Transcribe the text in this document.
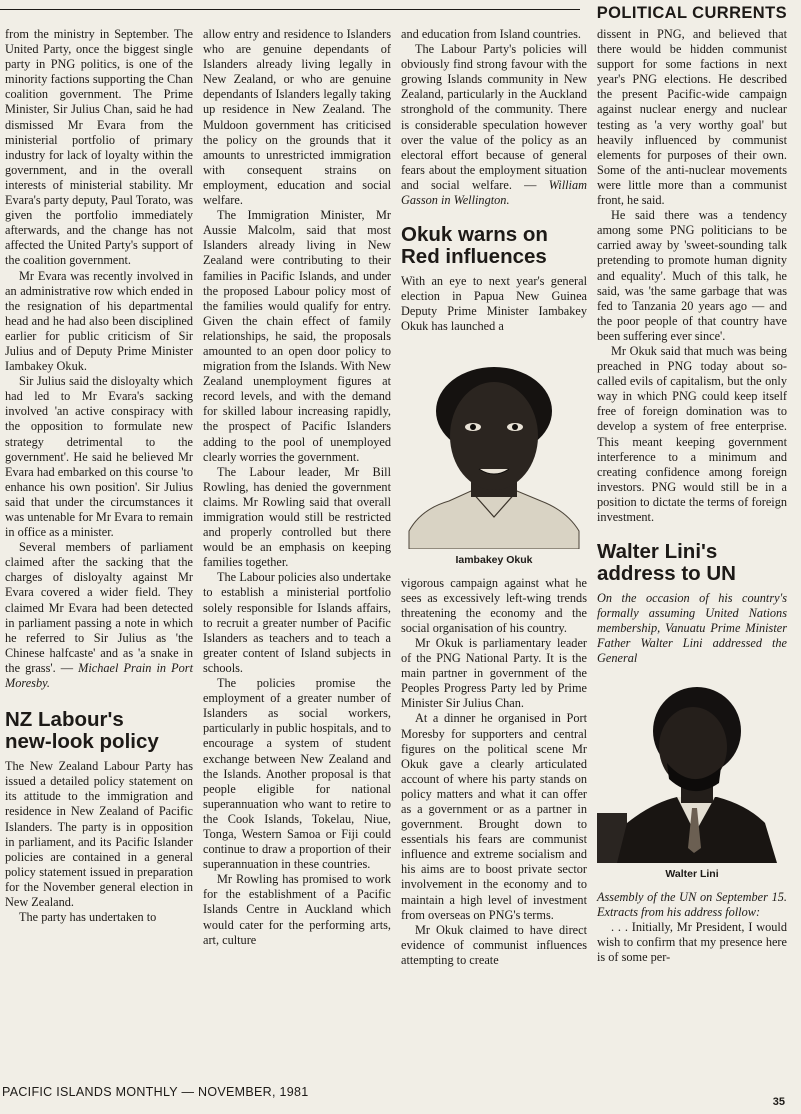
POLITICAL CURRENTS

from the ministry in September. The United Party, once the biggest single party in PNG politics, is one of the minority factions supporting the Chan coalition government. The Prime Minister, Sir Julius Chan, said he had dismissed Mr Evara from the ministerial portfolio of primary industry for lack of loyalty within the government, and in the overall interests of ministerial stability. Mr Evara's party deputy, Paul Torato, was given the portfolio immediately afterwards, and the change has not affected the United Party's support of the coalition government.

Mr Evara was recently involved in an administrative row which ended in the resignation of his departmental head and he had also been disciplined earlier for public criticism of Sir Julius and of Deputy Prime Minister Iambakey Okuk.

Sir Julius said the disloyalty which had led to Mr Evara's sacking involved 'an active conspiracy with the opposition to formulate new strategy detrimental to the government'. He said he believed Mr Evara had embarked on this course 'to enhance his own position'. Sir Julius said that under the circumstances it was untenable for Mr Evara to remain in office as a minister.

Several members of parliament claimed after the sacking that the charges of disloyalty against Mr Evara covered a wider field. They claimed Mr Evara had been detected in parliament passing a note in which he referred to Sir Julius as 'the Chinese halfcaste' and as 'a snake in the grass'. — Michael Prain in Port Moresby.

NZ Labour's
new-look policy

The New Zealand Labour Party has issued a detailed policy statement on its attitude to the immigration and residence in New Zealand of Pacific Islanders. The party is in opposition in parliament, and its Pacific Islander policies are contained in a general policy statement issued in preparation for the November general election in New Zealand.

The party has undertaken to

allow entry and residence to Islanders who are genuine dependants of Islanders already living legally in New Zealand, or who are genuine dependants of Islanders legally taking up residence in New Zealand. The Muldoon government has criticised the policy on the grounds that it amounts to unrestricted immigration with consequent strains on employment, education and social welfare.

The Immigration Minister, Mr Aussie Malcolm, said that most Islanders already living in New Zealand were contributing to their families in Pacific Islands, and under the proposed Labour policy most of the families would qualify for entry. Given the chain effect of family relationships, he said, the proposals amounted to an open door policy to migration from the Islands. With New Zealand unemployment figures at record levels, and with the demand for skilled labour increasing rapidly, the prospect of Pacific Islanders adding to the pool of unemployed clearly worries the government.

The Labour leader, Mr Bill Rowling, has denied the government claims. Mr Rowling said that overall immigration would still be restricted and properly controlled but there would be an emphasis on keeping families together.

The Labour policies also undertake to establish a ministerial portfolio solely responsible for Islands affairs, to recruit a greater number of Pacific Islanders as teachers and to teach a greater content of Island subjects in schools.

The policies promise the employment of a greater number of Islanders as social workers, particularly in public hospitals, and to encourage a system of student exchange between New Zealand and the Islands. Another proposal is that people eligible for national superannuation who want to retire to the Cook Islands, Tokelau, Niue, Tonga, Western Samoa or Fiji could continue to draw a proportion of their superannuation in these countries.

Mr Rowling has promised to work for the establishment of a Pacific Islands Centre in Auckland which would cater for the performing arts, art, culture

and education from Island countries.

The Labour Party's policies will obviously find strong favour with the growing Islands community in New Zealand, particularly in the Auckland stronghold of the community. There is considerable speculation however over the value of the policy as an electoral effort because of general fears about the employment situation and social welfare. — William Gasson in Wellington.

Okuk warns on
Red influences

With an eye to next year's general election in Papua New Guinea Deputy Prime Minister Iambakey Okuk has launched a

Iambakey Okuk

vigorous campaign against what he sees as excessively left-wing trends threatening the economy and the social organisation of his country.

Mr Okuk is parliamentary leader of the PNG National Party. It is the main partner in government of the Peoples Progress Party led by Prime Minister Sir Julius Chan.

At a dinner he organised in Port Moresby for supporters and central figures on the political scene Mr Okuk gave a clearly articulated account of where his party stands on policy matters and what it can offer as a government or as a partner in government. Brought down to essentials his fears are communist influence and extreme socialism and his aims are to boost private sector involvement in the economy and to maintain a high level of investment from overseas on PNG's terms.

Mr Okuk claimed to have direct evidence of communist influences attempting to create

dissent in PNG, and believed that there would be hidden communist support for some factions in next year's PNG elections. He described the present Pacific-wide campaign against nuclear energy and nuclear testing as 'a very worthy goal' but heavily influenced by communist elements for purposes of their own. Some of the anti-nuclear movements were little more than a communist front, he said.

He said there was a tendency among some PNG politicians to be carried away by 'sweet-sounding talk pretending to promote human dignity and equality'. Much of this talk, he said, was 'the same garbage that was fed to Tanzania 20 years ago — and the poor people of that country have been suffering ever since'.

Mr Okuk said that much was being preached in PNG today about so-called evils of capitalism, but the only way in which PNG could keep itself free of foreign domination was to develop a system of free enterprise. This meant keeping government interference to a minimum and creating confidence among foreign investors. PNG would still be in a position to dictate the terms of foreign investment.

Walter Lini's
address to UN

On the occasion of his country's formally assuming United Nations membership, Vanuatu Prime Minister Father Walter Lini addressed the General

Walter Lini

Assembly of the UN on September 15. Extracts from his address follow:

. . . Initially, Mr President, I would wish to confirm that my presence here is of some per-

PACIFIC ISLANDS MONTHLY — NOVEMBER, 1981
35
